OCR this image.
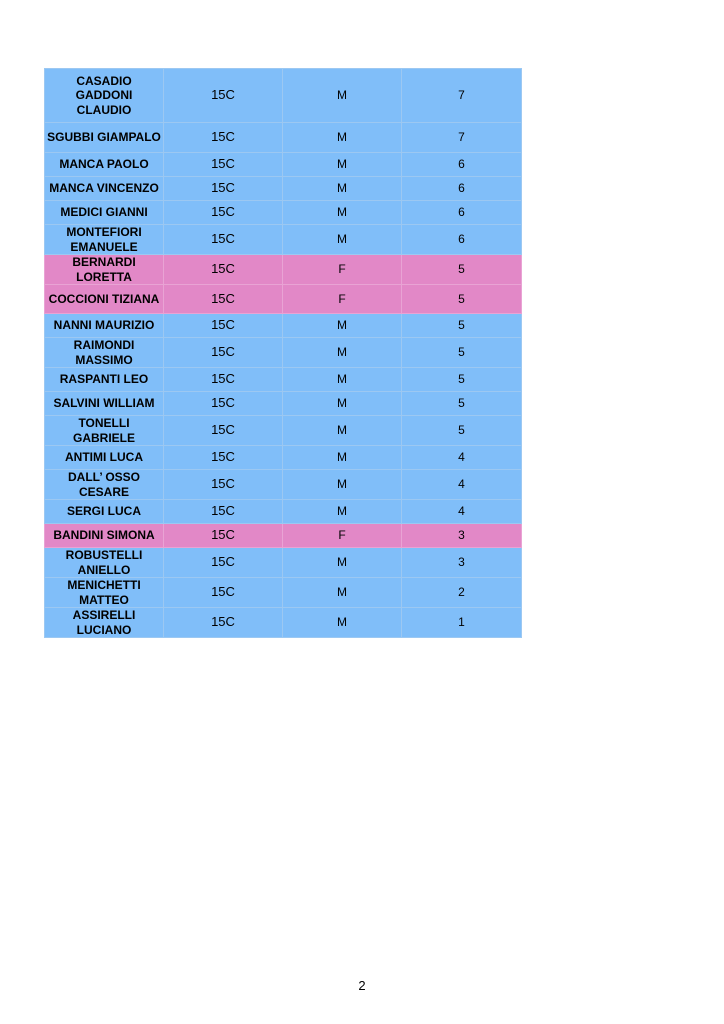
CASADIO GADDONI CLAUDIO	15C	M	7
SGUBBI GIAMPALO	15C	M	7
MANCA PAOLO	15C	M	6
MANCA VINCENZO	15C	M	6
MEDICI GIANNI	15C	M	6
MONTEFIORI EMANUELE	15C	M	6
BERNARDI LORETTA	15C	F	5
COCCIONI TIZIANA	15C	F	5
NANNI MAURIZIO	15C	M	5
RAIMONDI MASSIMO	15C	M	5
RASPANTI LEO	15C	M	5
SALVINI WILLIAM	15C	M	5
TONELLI GABRIELE	15C	M	5
ANTIMI LUCA	15C	M	4
DALL’ OSSO CESARE	15C	M	4
SERGI LUCA	15C	M	4
BANDINI SIMONA	15C	F	3
ROBUSTELLI ANIELLO	15C	M	3
MENICHETTI MATTEO	15C	M	2
ASSIRELLI LUCIANO	15C	M	1
2
